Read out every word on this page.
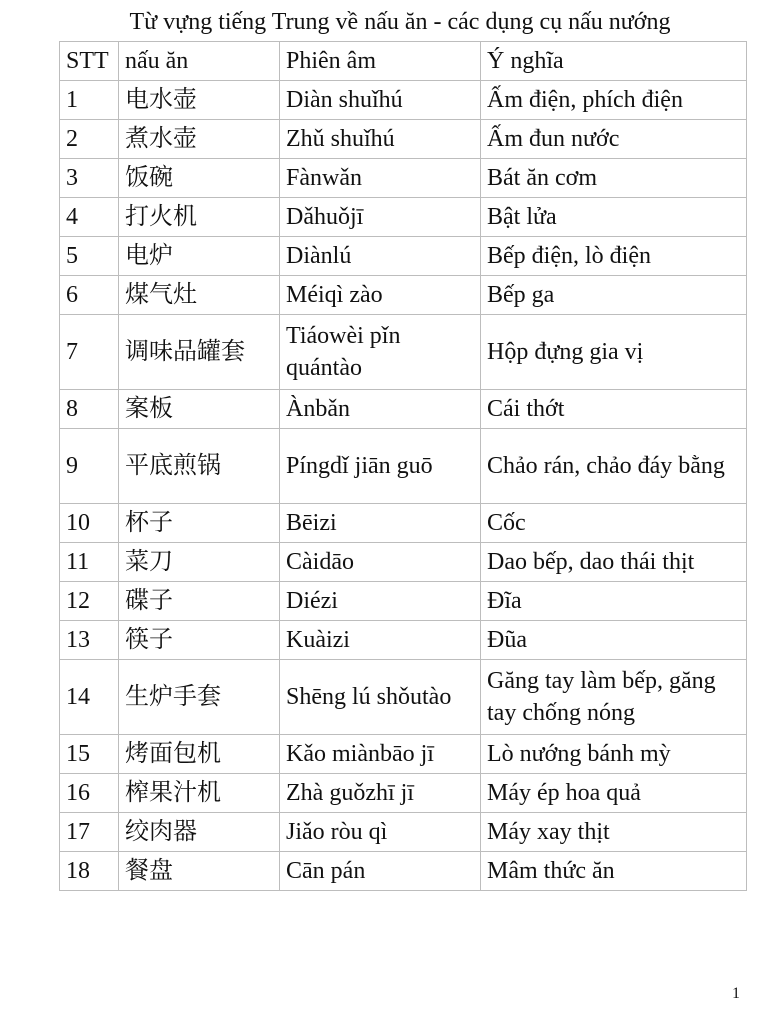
Từ vựng tiếng Trung về nấu ăn - các dụng cụ nấu nướng
STT	nấu ăn	Phiên âm	Ý nghĩa
1	电水壶	Diàn shuǐhú	Ấm điện, phích điện
2	煮水壶	Zhǔ shuǐhú	Ấm đun nước
3	饭碗	Fànwǎn	Bát ăn cơm
4	打火机	Dǎhuǒjī	Bật lửa
5	电炉	Diànlú	Bếp điện, lò điện
6	煤气灶	Méiqì zào	Bếp ga
7	调味品罐套	Tiáowèi pǐn quántào	Hộp đựng gia vị
8	案板	Ànbǎn	Cái thớt
9	平底煎锅	Píngdǐ jiān guō	Chảo rán, chảo đáy bằng
10	杯子	Bēizi	Cốc
11	菜刀	Càidāo	Dao bếp, dao thái thịt
12	碟子	Diézi	Đĩa
13	筷子	Kuàizi	Đũa
14	生炉手套	Shēng lú shǒutào	Găng tay làm bếp, găng tay chống nóng
15	烤面包机	Kǎo miànbāo jī	Lò nướng bánh mỳ
16	榨果汁机	Zhà guǒzhī jī	Máy ép hoa quả
17	绞肉器	Jiǎo ròu qì	Máy xay thịt
18	餐盘	Cān pán	Mâm thức ăn
1
